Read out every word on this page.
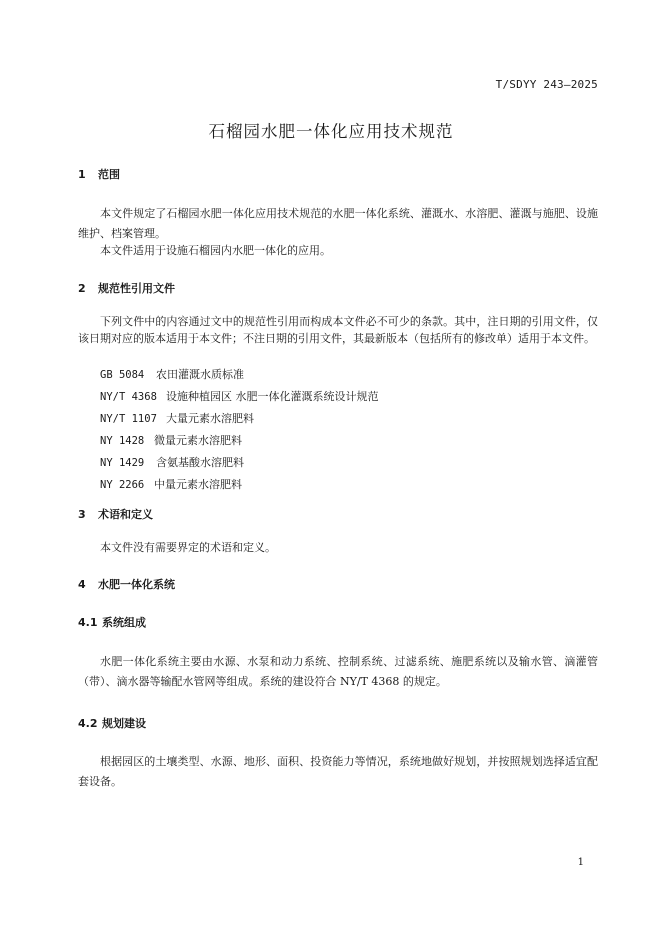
T/SDYY 243—2025
石榴园水肥一体化应用技术规范
1 范围
本文件规定了石榴园水肥一体化应用技术规范的水肥一体化系统、灌溉水、水溶肥、灌溉与施肥、设施维护、档案管理。
本文件适用于设施石榴园内水肥一体化的应用。
2 规范性引用文件
下列文件中的内容通过文中的规范性引用而构成本文件必不可少的条款。其中，注日期的引用文件，仅该日期对应的版本适用于本文件；不注日期的引用文件，其最新版本（包括所有的修改单）适用于本文件。
GB 5084 农田灌溉水质标准
NY/T 4368 设施种植园区 水肥一体化灌溉系统设计规范
NY/T 1107 大量元素水溶肥料
NY 1428 微量元素水溶肥料
NY 1429 含氨基酸水溶肥料
NY 2266 中量元素水溶肥料
3 术语和定义
本文件没有需要界定的术语和定义。
4 水肥一体化系统
4.1 系统组成
水肥一体化系统主要由水源、水泵和动力系统、控制系统、过滤系统、施肥系统以及输水管、滴灌管（带）、滴水器等输配水管网等组成。系统的建设符合 NY/T 4368 的规定。
4.2 规划建设
根据园区的土壤类型、水源、地形、面积、投资能力等情况，系统地做好规划，并按照规划选择适宜配套设备。
1
